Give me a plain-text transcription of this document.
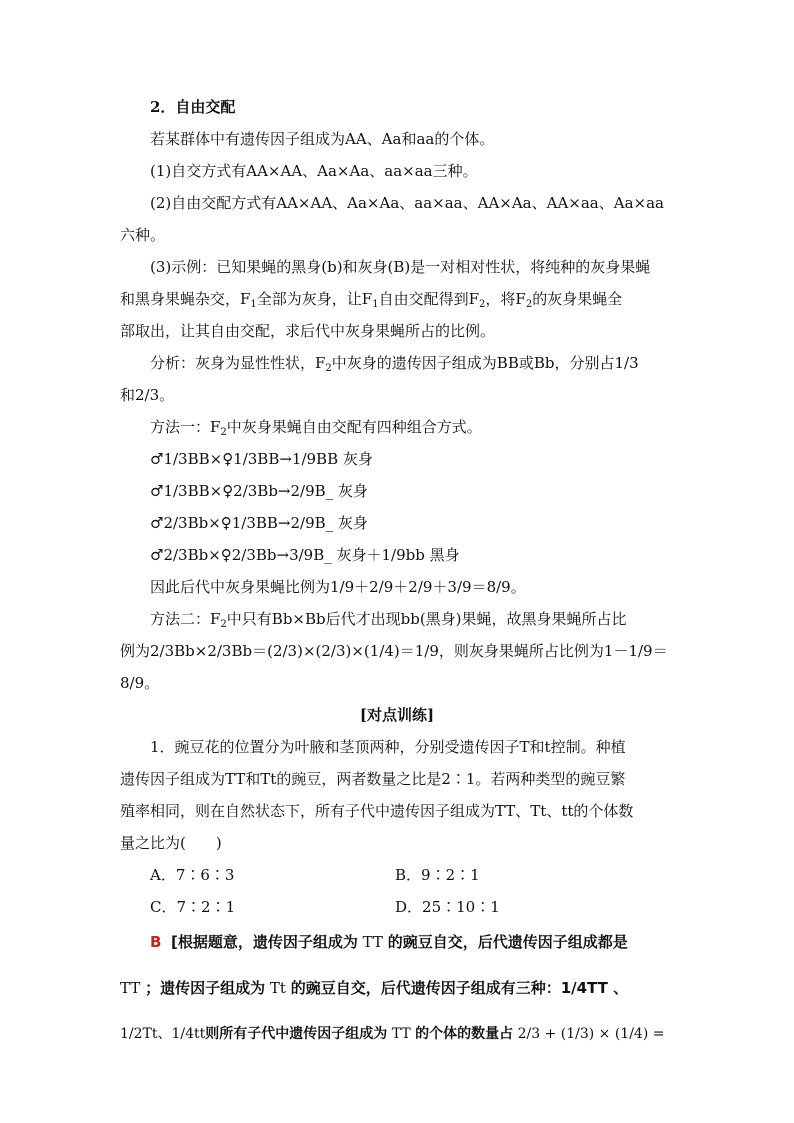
2．自由交配
若某群体中有遗传因子组成为AA、Aa和aa的个体。
(1)自交方式有AA×AA、Aa×Aa、aa×aa三种。
(2)自由交配方式有AA×AA、Aa×Aa、aa×aa、AA×Aa、AA×aa、Aa×aa
六种。
(3)示例：已知果蝇的黑身(b)和灰身(B)是一对相对性状，将纯种的灰身果蝇
和黑身果蝇杂交，$F_1$全部为灰身，让$F_1$自由交配得到$F_2$，将$F_2$的灰身果蝇全
部取出，让其自由交配，求后代中灰身果蝇所占的比例。
分析：灰身为显性性状，$F_2$中灰身的遗传因子组成为BB或Bb，分别占1/3
和2/3。
方法一：$F_2$中灰身果蝇自由交配有四种组合方式。
♂1/3BB×♀1/3BB→1/9BB 灰身
♂1/3BB×♀2/3Bb→2/9B_ 灰身
♂2/3Bb×♀1/3BB→2/9B_ 灰身
♂2/3Bb×♀2/3Bb→3/9B_ 灰身＋1/9bb 黑身
因此后代中灰身果蝇比例为1/9＋2/9＋2/9＋3/9＝8/9。
方法二：$F_2$中只有Bb×Bb后代才出现bb(黑身)果蝇，故黑身果蝇所占比
例为2/3Bb×2/3Bb＝(2/3)×(2/3)×(1/4)＝1/9，则灰身果蝇所占比例为1－1/9＝
8/9。
[对点训练]
1．豌豆花的位置分为叶腋和茎顶两种，分别受遗传因子T和t控制。种植
遗传因子组成为TT和Tt的豌豆，两者数量之比是2∶1。若两种类型的豌豆繁
殖率相同，则在自然状态下，所有子代中遗传因子组成为TT、Tt、tt的个体数
量之比为(　　)
A．7∶6∶3	B．9∶2∶1
C．7∶2∶1	D．25∶10∶1
B [根据题意，遗传因子组成为 TT 的豌豆自交，后代遗传因子组成都是
TT ；遗传因子组成为 Tt 的豌豆自交，后代遗传因子组成有三种：1/4TT 、
1/2Tt、1/4tt则所有子代中遗传因子组成为 TT 的个体的数量占 2/3 + (1/3) × (1/4) =
